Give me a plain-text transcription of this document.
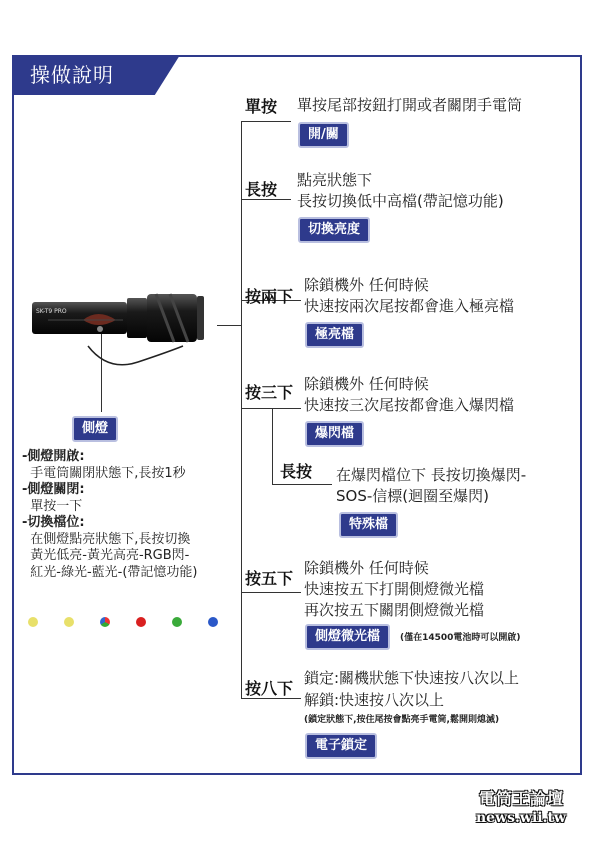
操做說明
SK-T9 PRO
側燈
-側燈開啟:
手電筒關閉狀態下,長按1秒
-側燈關閉:
單按一下
-切換檔位:
在側燈點亮狀態下,長按切換
黃光低亮-黃光高亮-RGB閃-
紅光-綠光-藍光-(帶記憶功能)
單按 單按尾部按鈕打開或者關閉手電筒
開/關
長按 點亮狀態下
長按切換低中高檔(帶記憶功能)
切換亮度
按兩下
除鎖機外 任何時候
快速按兩次尾按都會進入極亮檔
極亮檔
按三下 除鎖機外 任何時候
快速按三次尾按都會進入爆閃檔
爆閃檔
長按 在爆閃檔位下 長按切換爆閃-
SOS-信標(迴圈至爆閃)
特殊檔
按五下
除鎖機外 任何時候
快速按五下打開側燈微光檔
再次按五下關閉側燈微光檔
側燈微光檔	(僅在14500電池時可以開啟)
按八下
鎖定:關機狀態下快速按八次以上
解鎖:快速按八次以上
(鎖定狀態下,按住尾按會點亮手電筒,鬆開則熄滅)
電子鎖定
電筒王論壇
news.wii.tw
